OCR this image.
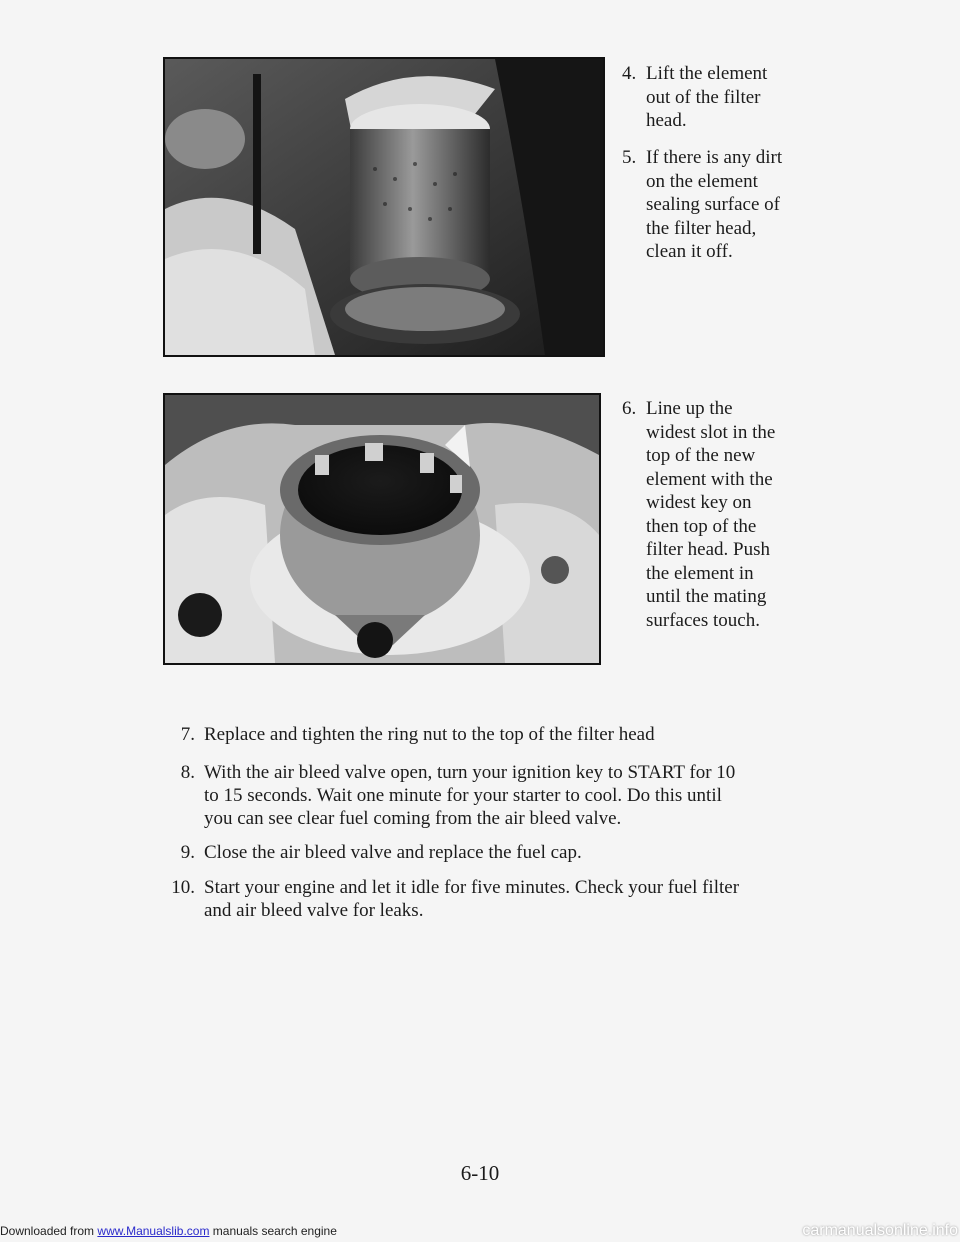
4. Lift the element
out of the filter
head.
5. If there is any dirt
on the element
sealing surface of
the filter head,
clean it off.
6. Line up the
widest slot in the
top of the new
element with the
widest key on
then top of the
filter head. Push
the element in
until the mating
surfaces touch.
7. Replace and tighten the ring nut to the top of the filter head
8. With the air bleed valve open, turn your ignition key to START for 10
to 15 seconds. Wait one minute for your starter to cool. Do this until
you can see clear fuel coming from the air bleed valve.
9. Close the air bleed valve and replace the fuel cap.
10. Start your engine and let it idle for five minutes. Check your fuel filter
and air bleed valve for leaks.
6-10
Downloaded from www.Manualslib.com manuals search engine	carmanualsonline.info
